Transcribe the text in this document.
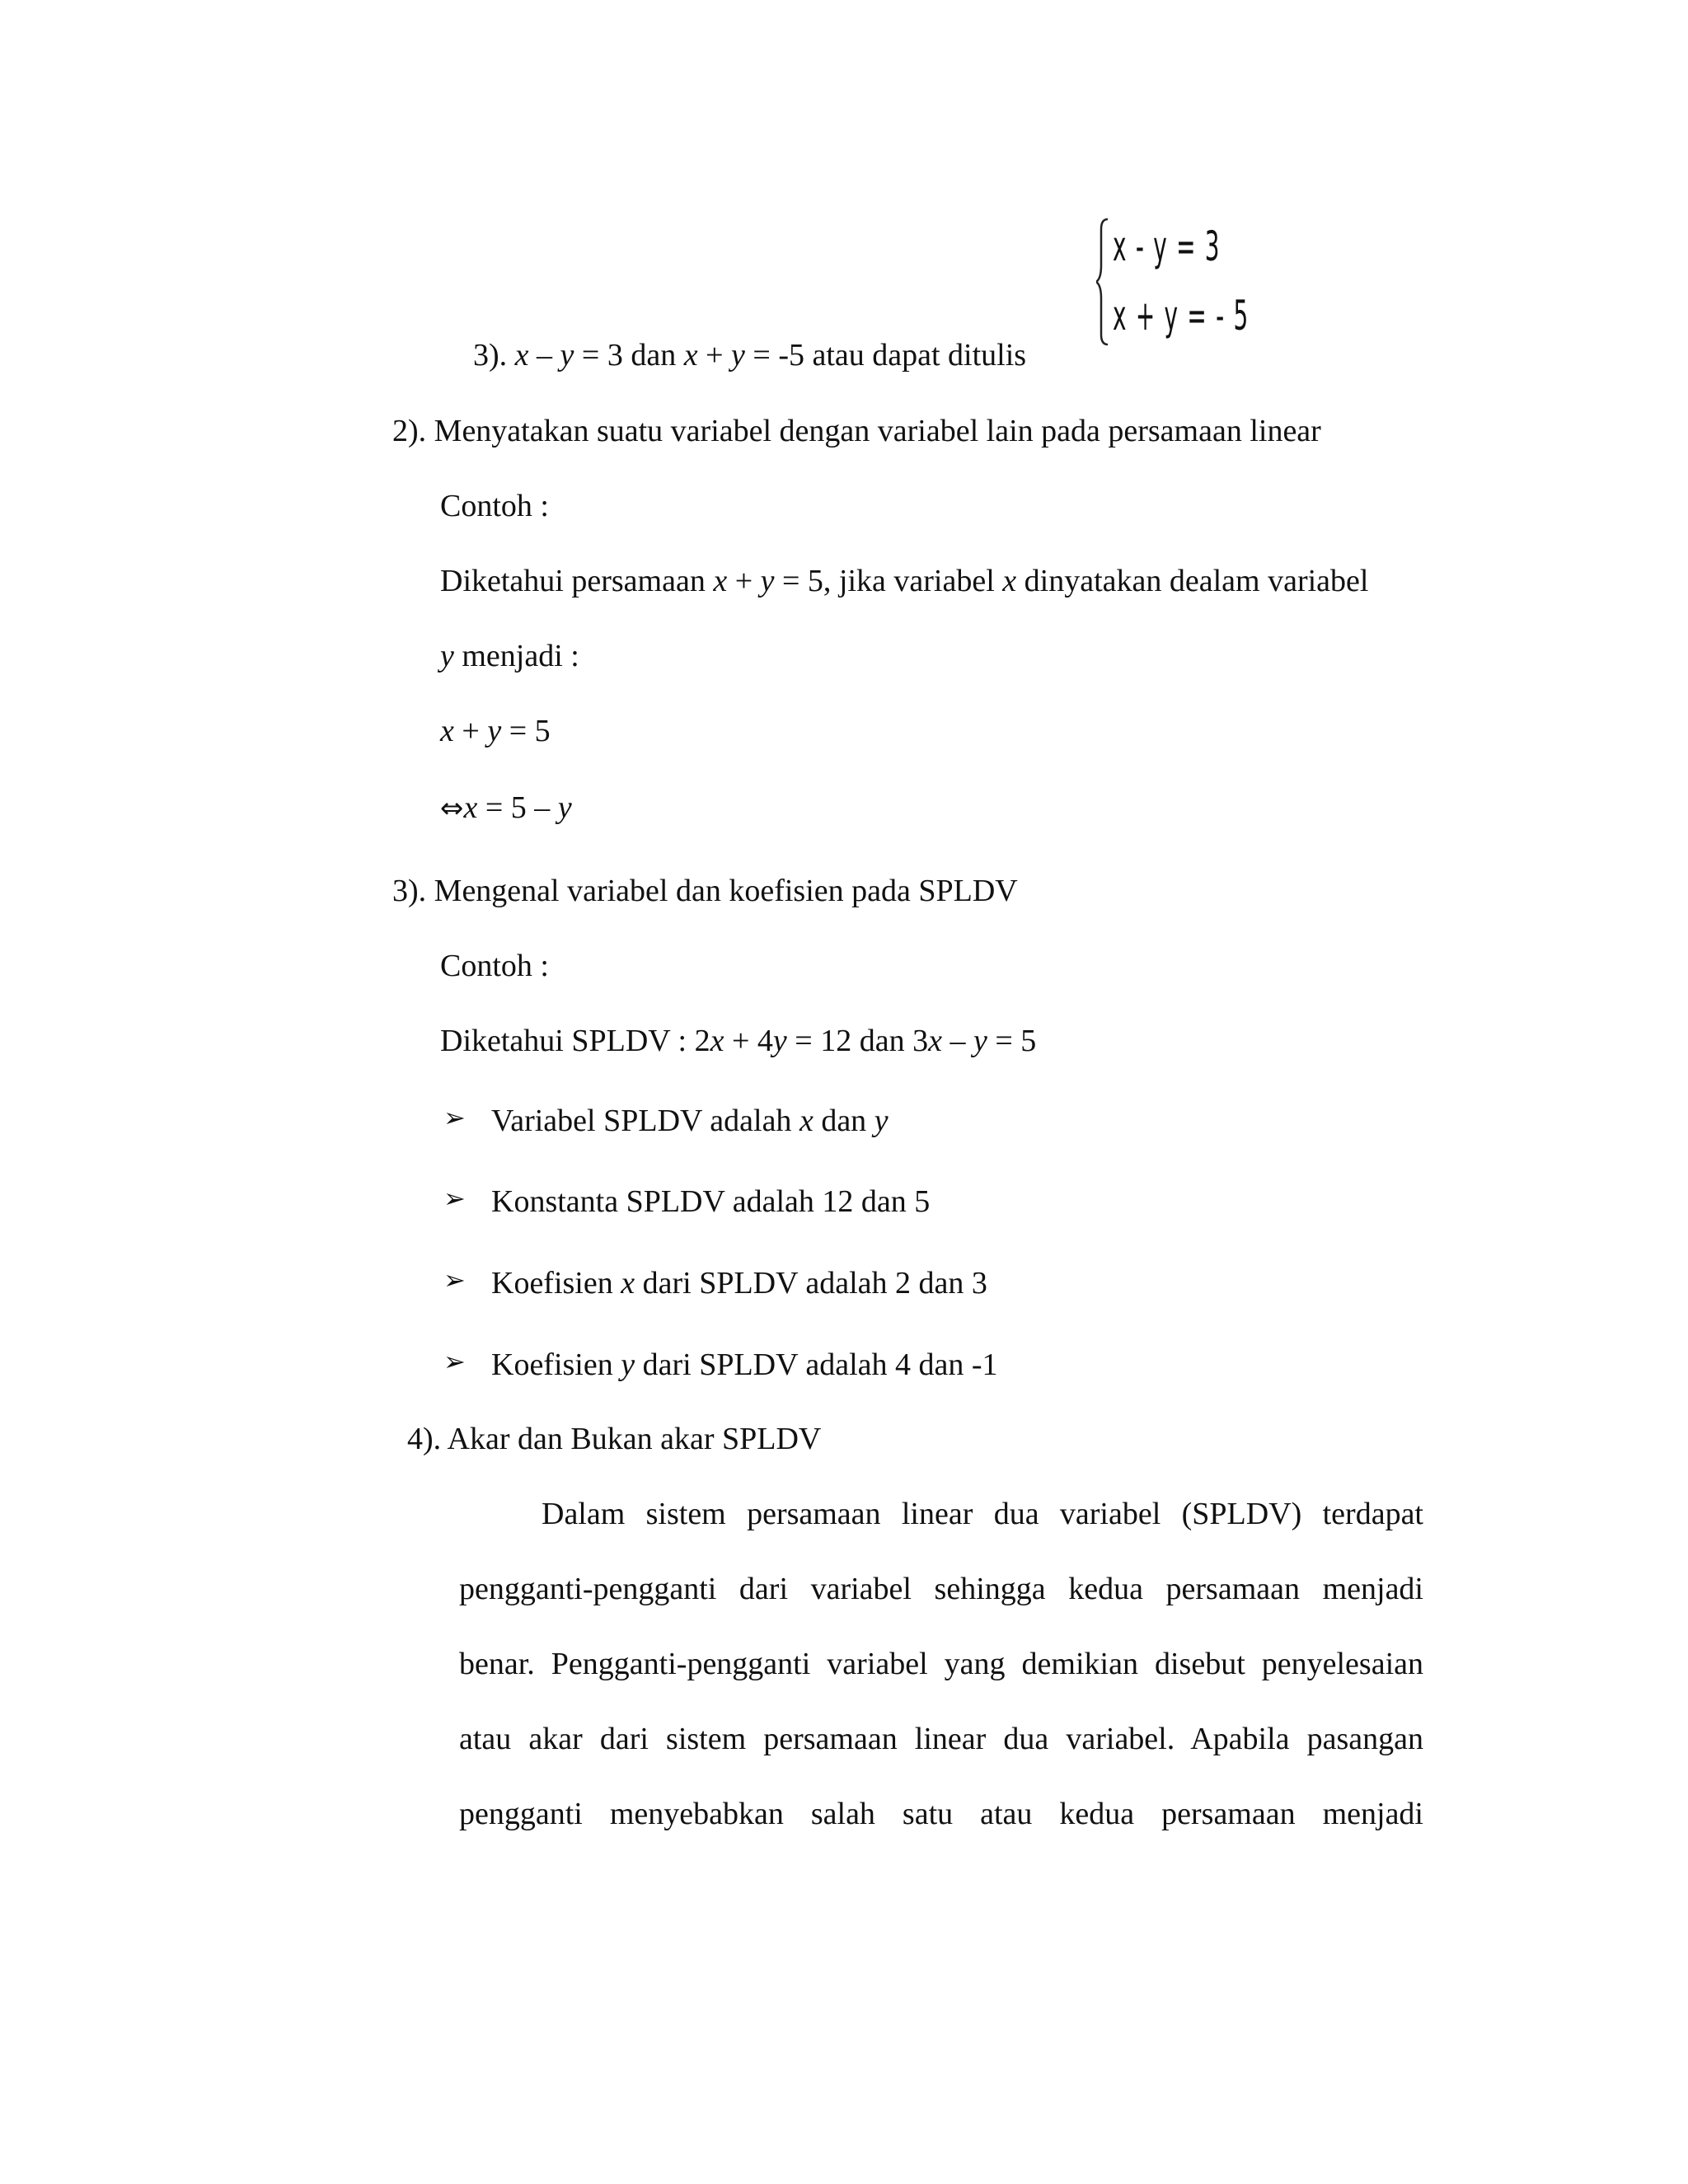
x - y = 3
x + y = - 5
3). x – y = 3 dan x + y = -5 atau dapat ditulis
2). Menyatakan suatu variabel dengan variabel lain pada persamaan linear
Contoh :
Diketahui persamaan x + y = 5, jika variabel x dinyatakan dealam variabel
y menjadi :
x + y = 5
⇔x = 5 – y
3). Mengenal variabel dan koefisien pada SPLDV
Contoh :
Diketahui SPLDV : 2x + 4y = 12 dan 3x – y = 5
➢ Variabel SPLDV adalah x dan y
➢ Konstanta SPLDV adalah 12 dan 5
➢ Koefisien x dari SPLDV adalah 2 dan 3
➢ Koefisien y dari SPLDV adalah 4 dan -1
4). Akar dan Bukan akar SPLDV
Dalam sistem persamaan linear dua variabel (SPLDV) terdapat
pengganti-pengganti dari variabel sehingga kedua persamaan menjadi
benar. Pengganti-pengganti variabel yang demikian disebut penyelesaian
atau akar dari sistem persamaan linear dua variabel. Apabila pasangan
pengganti menyebabkan salah satu atau kedua persamaan menjadi
